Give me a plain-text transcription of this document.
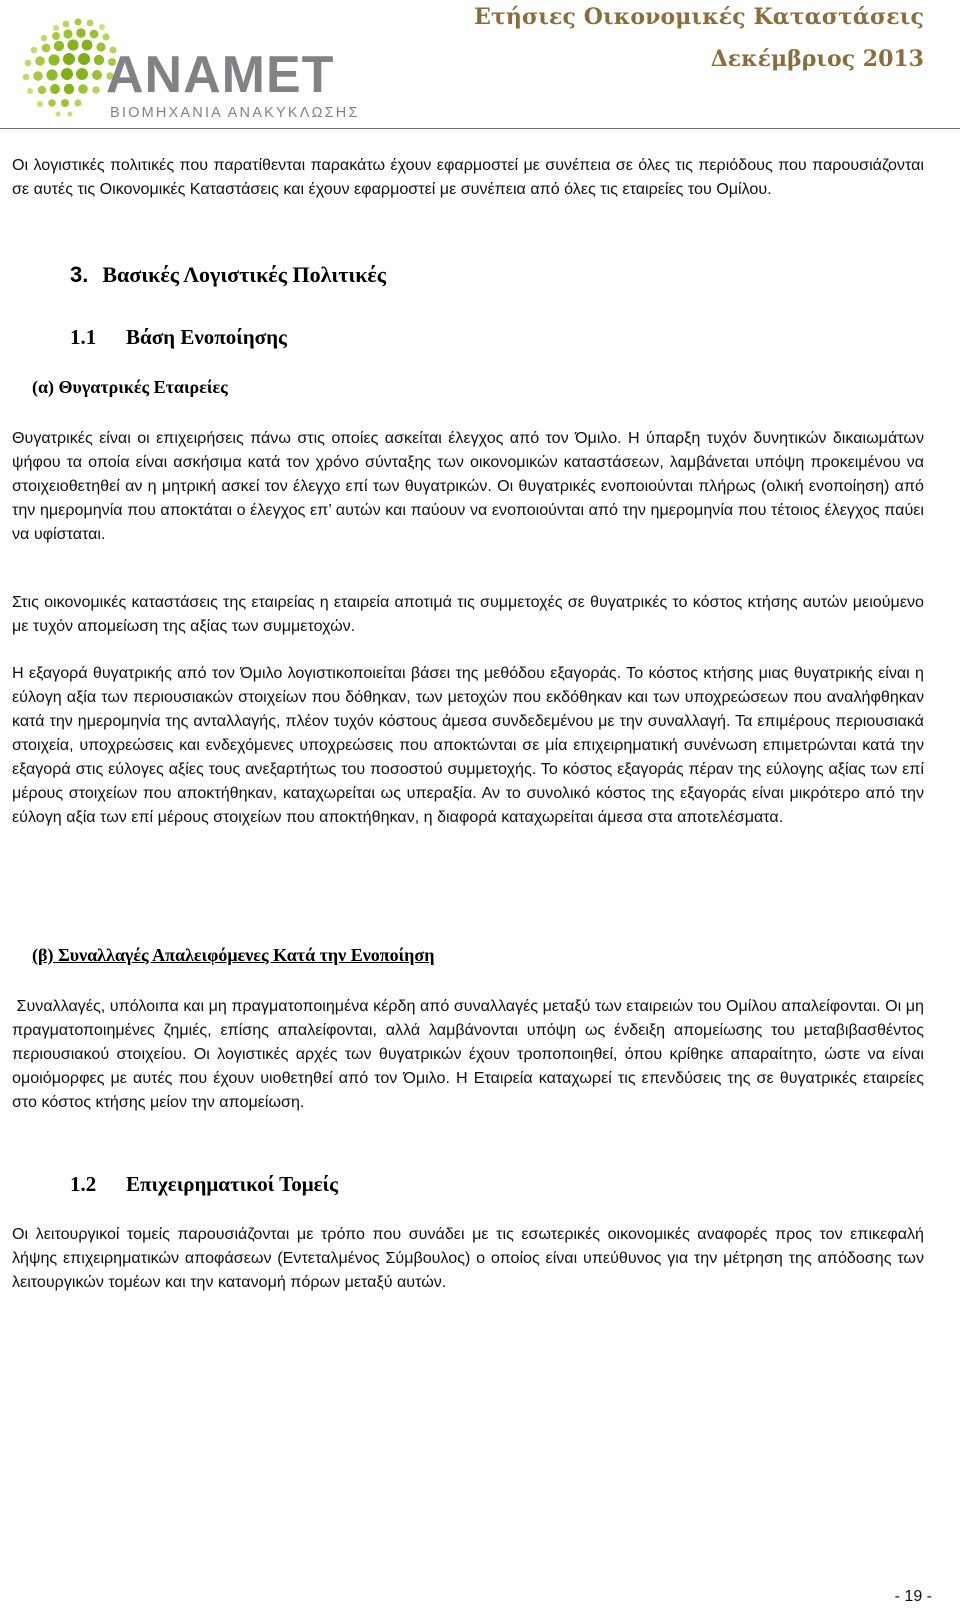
ANAMET
ΒΙΟΜΗΧΑΝΙΑ ΑΝΑΚΥΚΛΩΣΗΣ
Ετήσιες Οικονομικές Καταστάσεις
Δεκέμβριος 2013

Οι λογιστικές πολιτικές που παρατίθενται παρακάτω έχουν εφαρμοστεί με συνέπεια σε όλες τις περιόδους που παρουσιάζονται σε αυτές τις Οικονομικές Καταστάσεις και έχουν εφαρμοστεί με συνέπεια από όλες τις εταιρείες του Ομίλου.

3. Βασικές Λογιστικές Πολιτικές
1.1 Βάση Ενοποίησης
(α) Θυγατρικές Εταιρείες

Θυγατρικές είναι οι επιχειρήσεις πάνω στις οποίες ασκείται έλεγχος από τον Όμιλο. Η ύπαρξη τυχόν δυνητικών δικαιωμάτων ψήφου τα οποία είναι ασκήσιμα κατά τον χρόνο σύνταξης των οικονομικών καταστάσεων, λαμβάνεται υπόψη προκειμένου να στοιχειοθετηθεί αν η μητρική ασκεί τον έλεγχο επί των θυγατρικών. Οι θυγατρικές ενοποιούνται πλήρως (ολική ενοποίηση) από την ημερομηνία που αποκτάται ο έλεγχος επ’ αυτών και παύουν να ενοποιούνται από την ημερομηνία που τέτοιος έλεγχος παύει να υφίσταται.

Στις οικονομικές καταστάσεις της εταιρείας η εταιρεία αποτιμά τις συμμετοχές σε θυγατρικές το κόστος κτήσης αυτών μειούμενο με τυχόν απομείωση της αξίας των συμμετοχών.

Η εξαγορά θυγατρικής από τον Όμιλο λογιστικοποιείται βάσει της μεθόδου εξαγοράς. Το κόστος κτήσης μιας θυγατρικής είναι η εύλογη αξία των περιουσιακών στοιχείων που δόθηκαν, των μετοχών που εκδόθηκαν και των υποχρεώσεων που αναλήφθηκαν κατά την ημερομηνία της ανταλλαγής, πλέον τυχόν κόστους άμεσα συνδεδεμένου με την συναλλαγή. Τα επιμέρους περιουσιακά στοιχεία, υποχρεώσεις και ενδεχόμενες υποχρεώσεις που αποκτώνται σε μία επιχειρηματική συνένωση επιμετρώνται κατά την εξαγορά στις εύλογες αξίες τους ανεξαρτήτως του ποσοστού συμμετοχής. Το κόστος εξαγοράς πέραν της εύλογης αξίας των επί μέρους στοιχείων που αποκτήθηκαν, καταχωρείται ως υπεραξία. Αν το συνολικό κόστος της εξαγοράς είναι μικρότερο από την εύλογη αξία των επί μέρους στοιχείων που αποκτήθηκαν, η διαφορά καταχωρείται άμεσα στα αποτελέσματα.

(β) Συναλλαγές Απαλειφόμενες Κατά την Ενοποίηση

Συναλλαγές, υπόλοιπα και μη πραγματοποιημένα κέρδη από συναλλαγές μεταξύ των εταιρειών του Ομίλου απαλείφονται. Οι μη πραγματοποιημένες ζημιές, επίσης απαλείφονται, αλλά λαμβάνονται υπόψη ως ένδειξη απομείωσης του μεταβιβασθέντος περιουσιακού στοιχείου. Οι λογιστικές αρχές των θυγατρικών έχουν τροποποιηθεί, όπου κρίθηκε απαραίτητο, ώστε να είναι ομοιόμορφες με αυτές που έχουν υιοθετηθεί από τον Όμιλο. Η Εταιρεία καταχωρεί τις επενδύσεις της σε θυγατρικές εταιρείες στο κόστος κτήσης μείον την απομείωση.

1.2 Επιχειρηματικοί Τομείς

Οι λειτουργικοί τομείς παρουσιάζονται με τρόπο που συνάδει με τις εσωτερικές οικονομικές αναφορές προς τον επικεφαλή λήψης επιχειρηματικών αποφάσεων (Εντεταλμένος Σύμβουλος) ο οποίος είναι υπεύθυνος για την μέτρηση της απόδοσης των λειτουργικών τομέων και την κατανομή πόρων μεταξύ αυτών.

- 19 -
